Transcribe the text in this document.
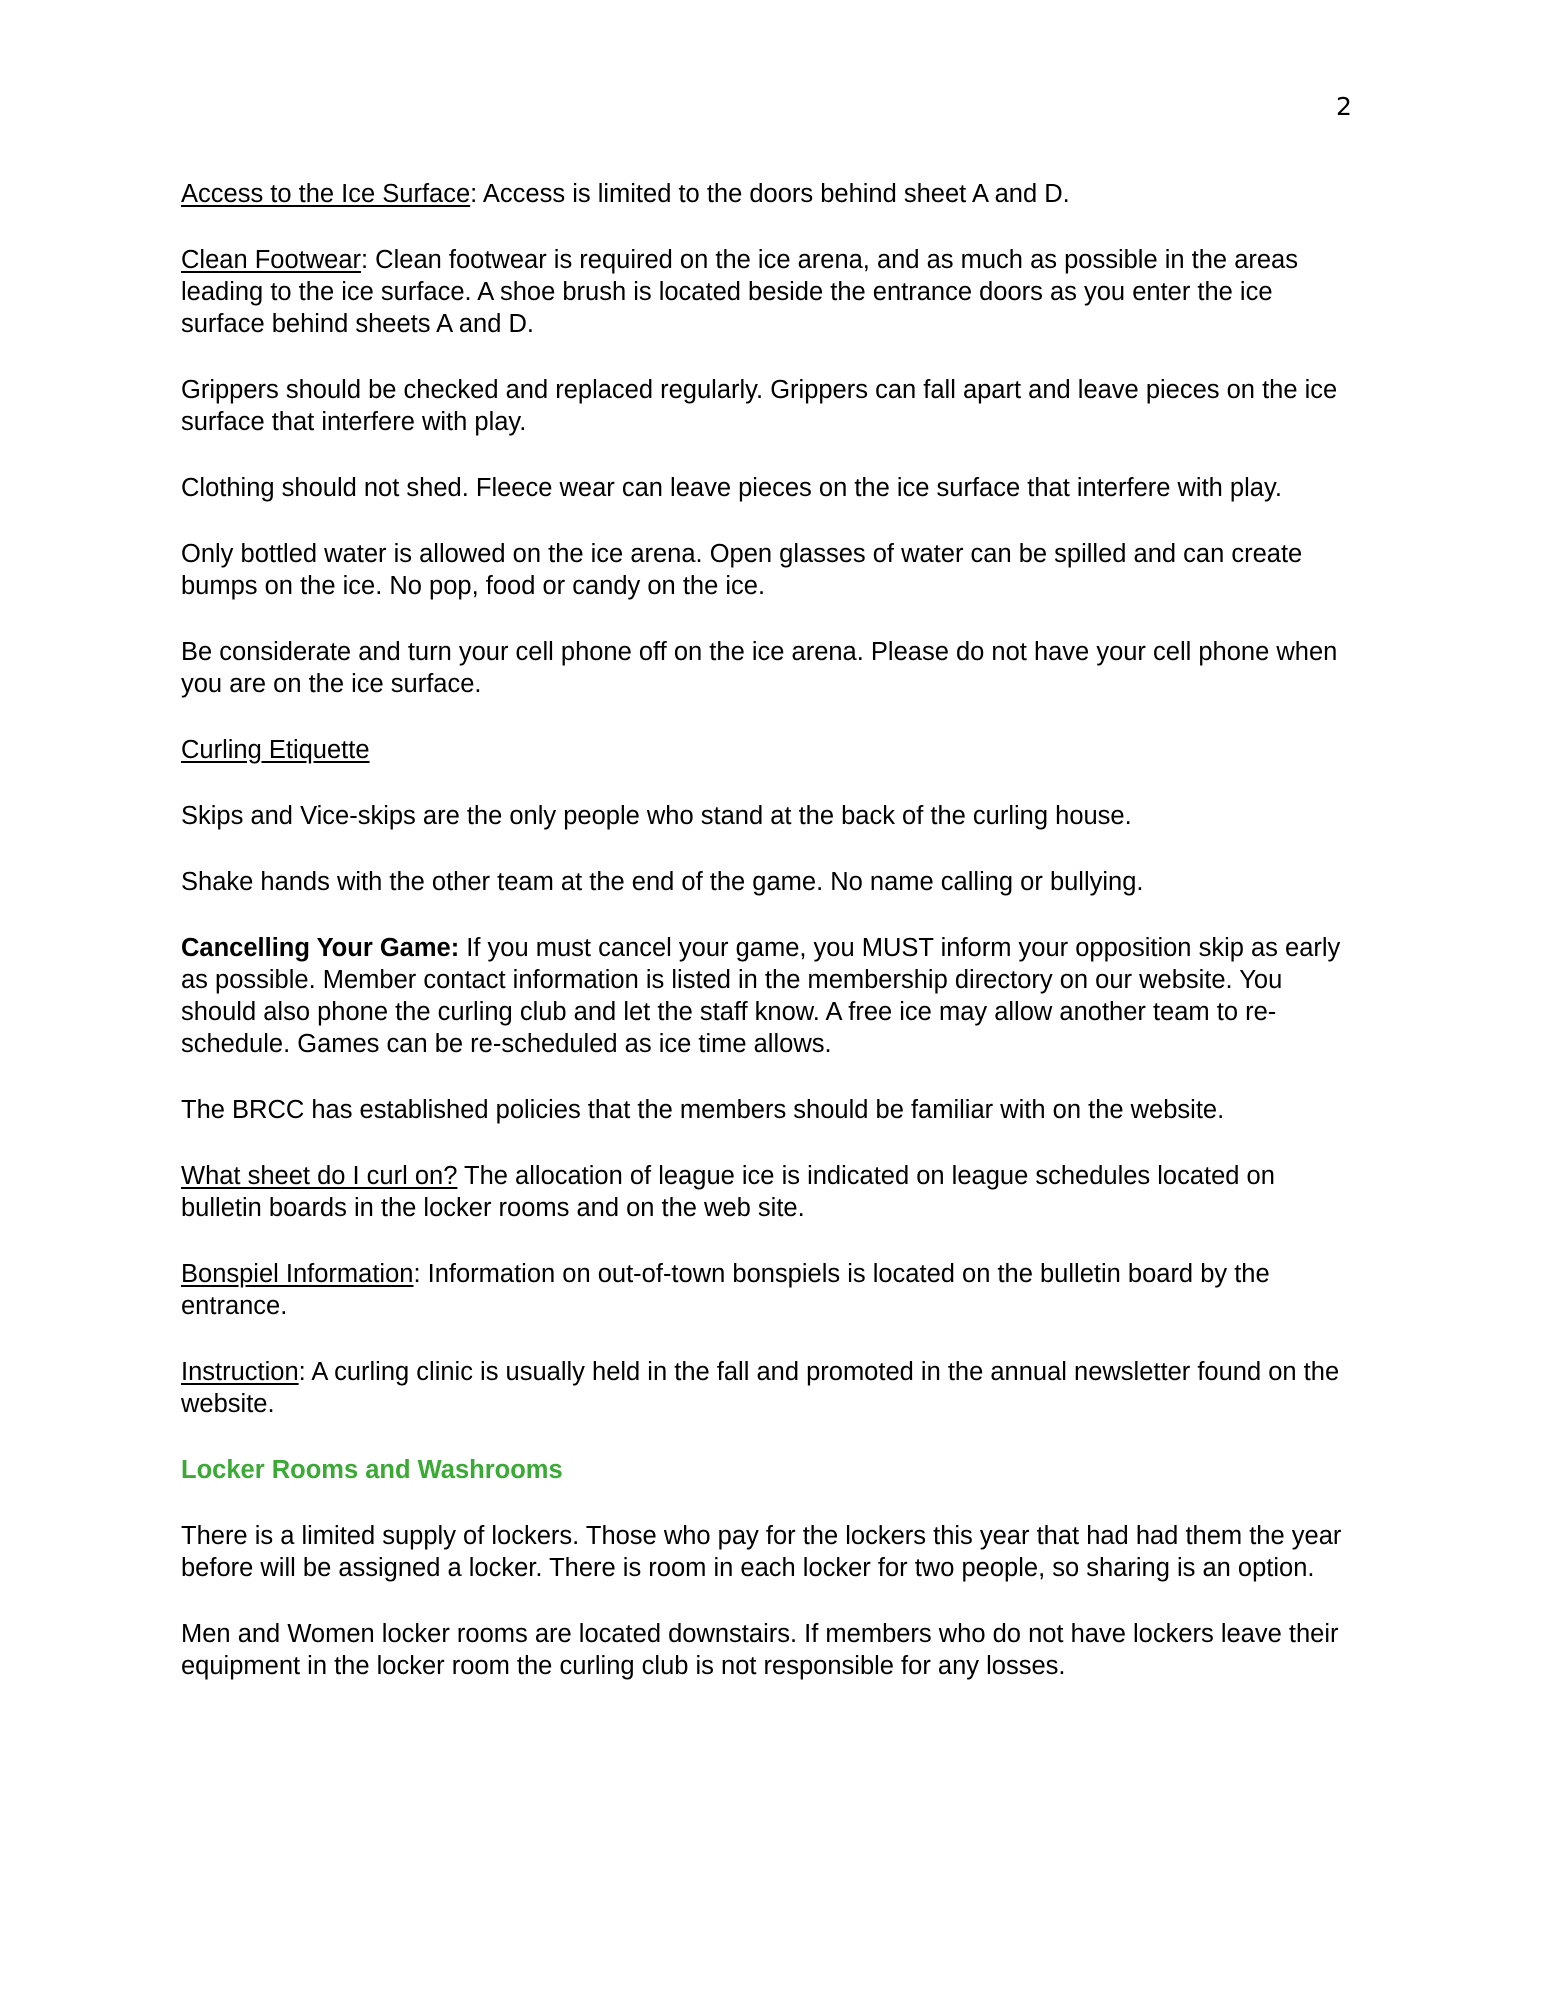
2

Access to the Ice Surface: Access is limited to the doors behind sheet A and D.

Clean Footwear: Clean footwear is required on the ice arena, and as much as possible in the areas leading to the ice surface. A shoe brush is located beside the entrance doors as you enter the ice surface behind sheets A and D.

Grippers should be checked and replaced regularly. Grippers can fall apart and leave pieces on the ice surface that interfere with play.

Clothing should not shed. Fleece wear can leave pieces on the ice surface that interfere with play.

Only bottled water is allowed on the ice arena. Open glasses of water can be spilled and can create bumps on the ice. No pop, food or candy on the ice.

Be considerate and turn your cell phone off on the ice arena. Please do not have your cell phone when you are on the ice surface.

Curling Etiquette

Skips and Vice-skips are the only people who stand at the back of the curling house.

Shake hands with the other team at the end of the game. No name calling or bullying.

Cancelling Your Game: If you must cancel your game, you MUST inform your opposition skip as early as possible. Member contact information is listed in the membership directory on our website. You should also phone the curling club and let the staff know. A free ice may allow another team to re-schedule. Games can be re-scheduled as ice time allows.

The BRCC has established policies that the members should be familiar with on the website.

What sheet do I curl on? The allocation of league ice is indicated on league schedules located on bulletin boards in the locker rooms and on the web site.

Bonspiel Information: Information on out-of-town bonspiels is located on the bulletin board by the entrance.

Instruction: A curling clinic is usually held in the fall and promoted in the annual newsletter found on the website.

Locker Rooms and Washrooms

There is a limited supply of lockers. Those who pay for the lockers this year that had had them the year before will be assigned a locker. There is room in each locker for two people, so sharing is an option.

Men and Women locker rooms are located downstairs. If members who do not have lockers leave their equipment in the locker room the curling club is not responsible for any losses.
